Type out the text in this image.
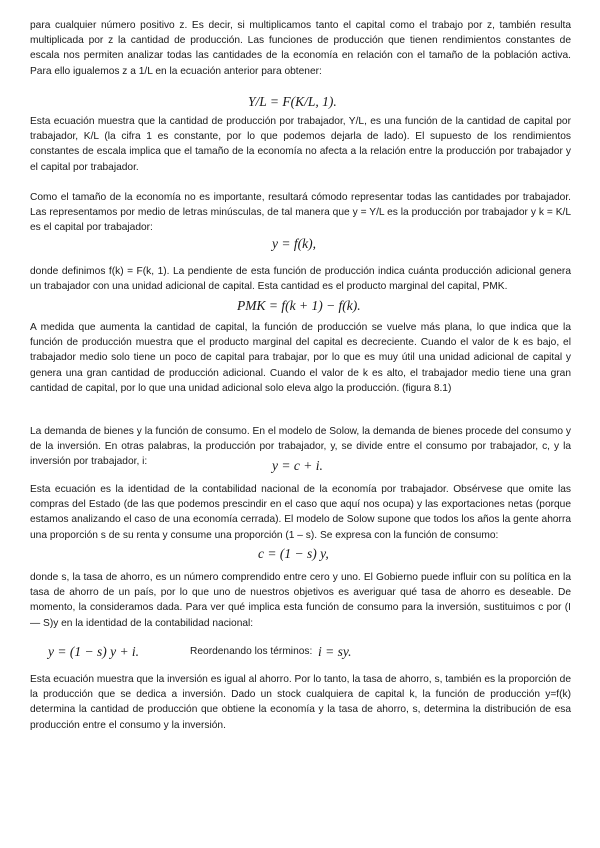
para cualquier número positivo z. Es decir, si multiplicamos tanto el capital como el trabajo por z, también resulta multiplicada por z la cantidad de producción. Las funciones de producción que tienen rendimientos constantes de escala nos permiten analizar todas las cantidades de la economía en relación con el tamaño de la población activa. Para ello igualemos z a 1/L en la ecuación anterior para obtener:

Y/L = F(K/L, 1).

Esta ecuación muestra que la cantidad de producción por trabajador, Y/L, es una función de la cantidad de capital por trabajador, K/L (la cifra 1 es constante, por lo que podemos dejarla de lado). El supuesto de los rendimientos constantes de escala implica que el tamaño de la economía no afecta a la relación entre la producción por trabajador y el capital por trabajador.

Como el tamaño de la economía no es importante, resultará cómodo representar todas las cantidades por trabajador. Las representamos por medio de letras minúsculas, de tal manera que y = Y/L es la producción por trabajador y k = K/L es el capital por trabajador:

y = f(k),

donde definimos f(k) = F(k, 1). La pendiente de esta función de producción indica cuánta producción adicional genera un trabajador con una unidad adicional de capital. Esta cantidad es el producto marginal del capital, PMK.

PMK = f(k + 1) − f(k).

A medida que aumenta la cantidad de capital, la función de producción se vuelve más plana, lo que indica que la función de producción muestra que el producto marginal del capital es decreciente. Cuando el valor de k es bajo, el trabajador medio solo tiene un poco de capital para trabajar, por lo que es muy útil una unidad adicional de capital y genera una gran cantidad de producción adicional. Cuando el valor de k es alto, el trabajador medio tiene una gran cantidad de capital, por lo que una unidad adicional solo eleva algo la producción. (figura 8.1)

La demanda de bienes y la función de consumo. En el modelo de Solow, la demanda de bienes procede del consumo y de la inversión. En otras palabras, la producción por trabajador, y, se divide entre el consumo por trabajador, c, y la inversión por trabajador, i:	y = c + i.

Esta ecuación es la identidad de la contabilidad nacional de la economía por trabajador. Obsérvese que omite las compras del Estado (de las que podemos prescindir en el caso que aquí nos ocupa) y las exportaciones netas (porque estamos analizando el caso de una economía cerrada). El modelo de Solow supone que todos los años la gente ahorra una proporción s de su renta y consume una proporción (1 – s). Se expresa con la función de consumo:

c = (1 − s) y,

donde s, la tasa de ahorro, es un número comprendido entre cero y uno. El Gobierno puede influir con su política en la tasa de ahorro de un país, por lo que uno de nuestros objetivos es averiguar qué tasa de ahorro es deseable. De momento, la consideramos dada. Para ver qué implica esta función de consumo para la inversión, sustituimos c por (I — S)y en la identidad de la contabilidad nacional:

y = (1 − s) y + i.	Reordenando los términos: i = sy.

Esta ecuación muestra que la inversión es igual al ahorro. Por lo tanto, la tasa de ahorro, s, también es la proporción de la producción que se dedica a inversión. Dado un stock cualquiera de capital k, la función de producción y=f(k) determina la cantidad de producción que obtiene la economía y la tasa de ahorro, s, determina la distribución de esa producción entre el consumo y la inversión.
